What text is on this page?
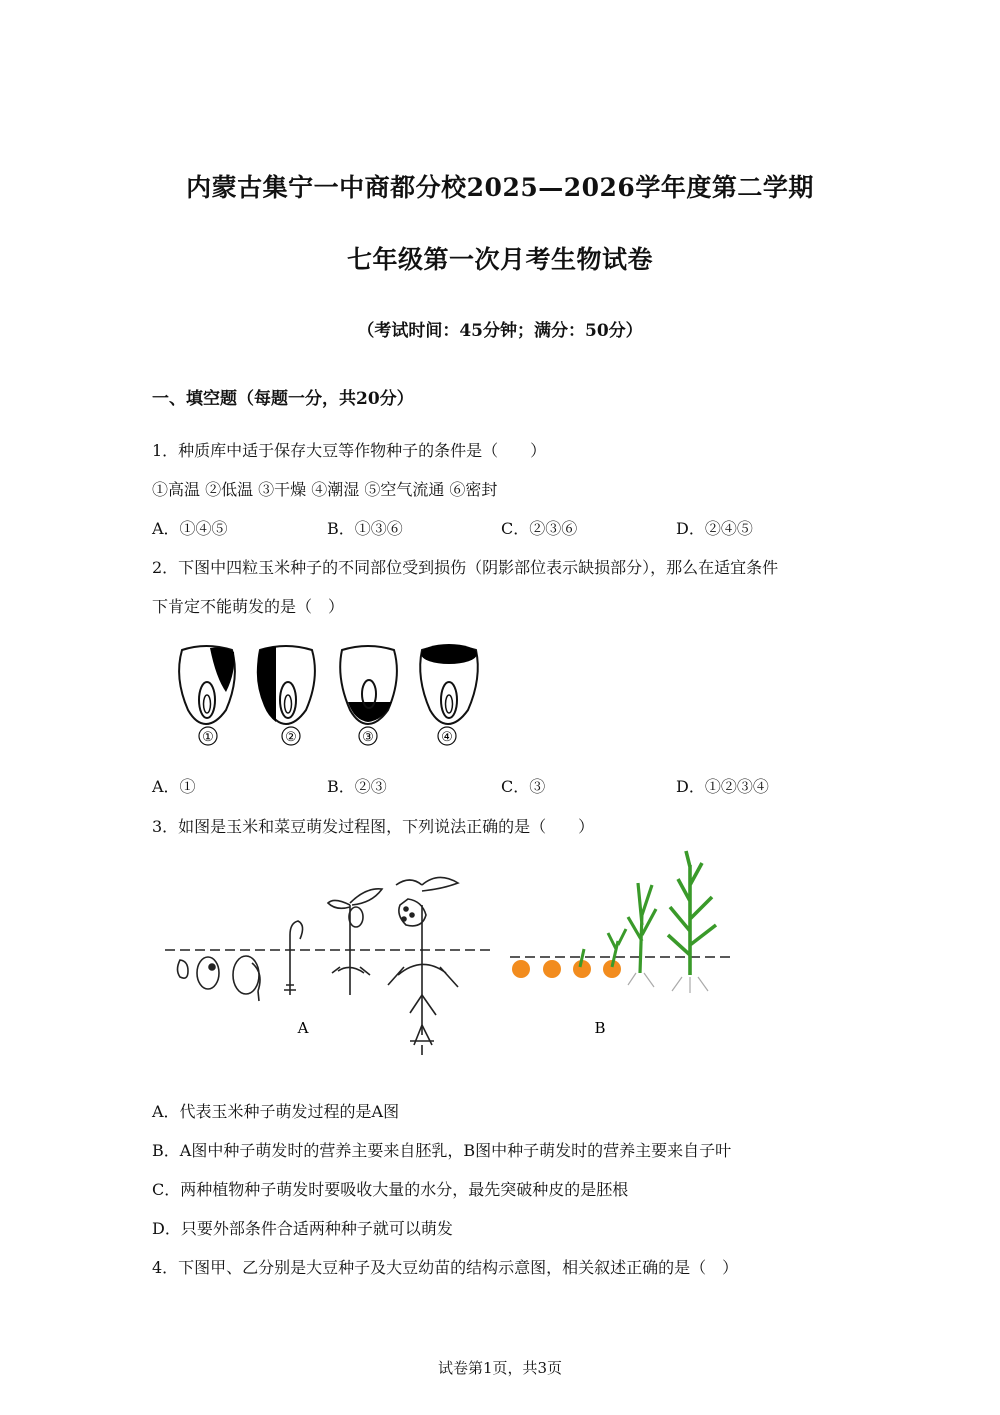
内蒙古集宁一中商都分校2025—2026学年度第二学期
七年级第一次月考生物试卷
（考试时间：45分钟；满分：50分）
一、填空题（每题一分，共20分）
1．种质库中适于保存大豆等作物种子的条件是（　　）
①高温 ②低温 ③干燥 ④潮湿 ⑤空气流通 ⑥密封
A．①④⑤	B．①③⑥	C．②③⑥	D．②④⑤
2．下图中四粒玉米种子的不同部位受到损伤（阴影部位表示缺损部分），那么在适宜条件
下肯定不能萌发的是（　）
①	②	③	④
A．①	B．②③	C．③	D．①②③④
3．如图是玉米和菜豆萌发过程图，下列说法正确的是（　　）
A	B
A．代表玉米种子萌发过程的是A图
B．A图中种子萌发时的营养主要来自胚乳，B图中种子萌发时的营养主要来自子叶
C．两种植物种子萌发时要吸收大量的水分，最先突破种皮的是胚根
D．只要外部条件合适两种种子就可以萌发
4．下图甲、乙分别是大豆种子及大豆幼苗的结构示意图，相关叙述正确的是（　）
试卷第1页，共3页
